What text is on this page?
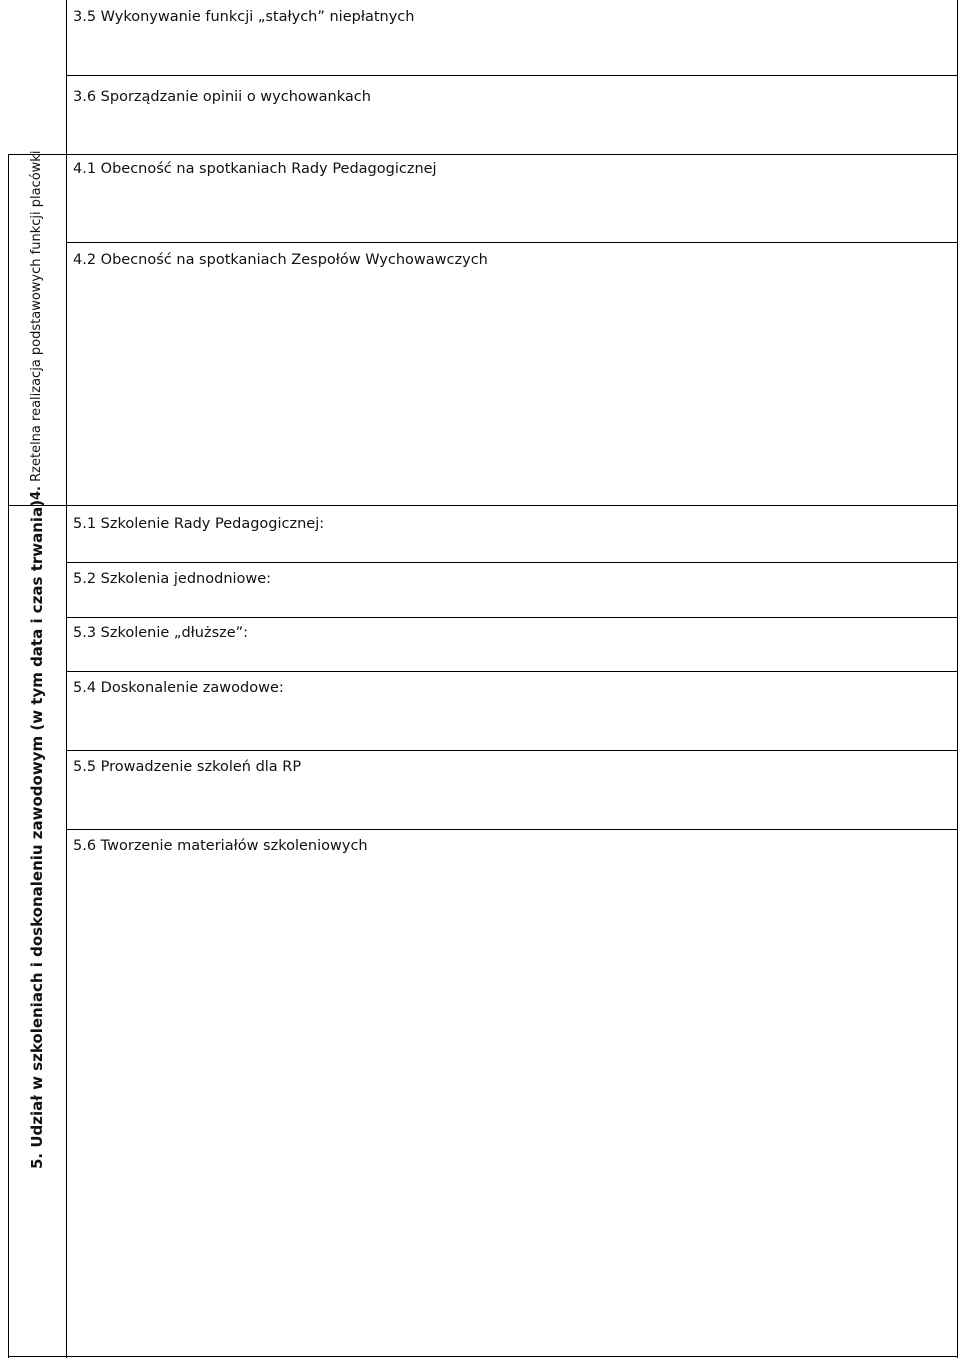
3.5 Wykonywanie funkcji „stałych” niepłatnych
3.6 Sporządzanie opinii o wychowankach
4.1 Obecność na spotkaniach Rady Pedagogicznej
4.2 Obecność na spotkaniach Zespołów Wychowawczych
5.1 Szkolenie Rady Pedagogicznej:
5.2 Szkolenia jednodniowe:
5.3 Szkolenie „dłuższe”:
5.4 Doskonalenie zawodowe:
5.5 Prowadzenie szkoleń dla RP
5.6 Tworzenie materiałów szkoleniowych
4. Rzetelna realizacja podstawowych funkcji placówki
5. Udział w szkoleniach i doskonaleniu zawodowym (w tym data i czas trwania)
